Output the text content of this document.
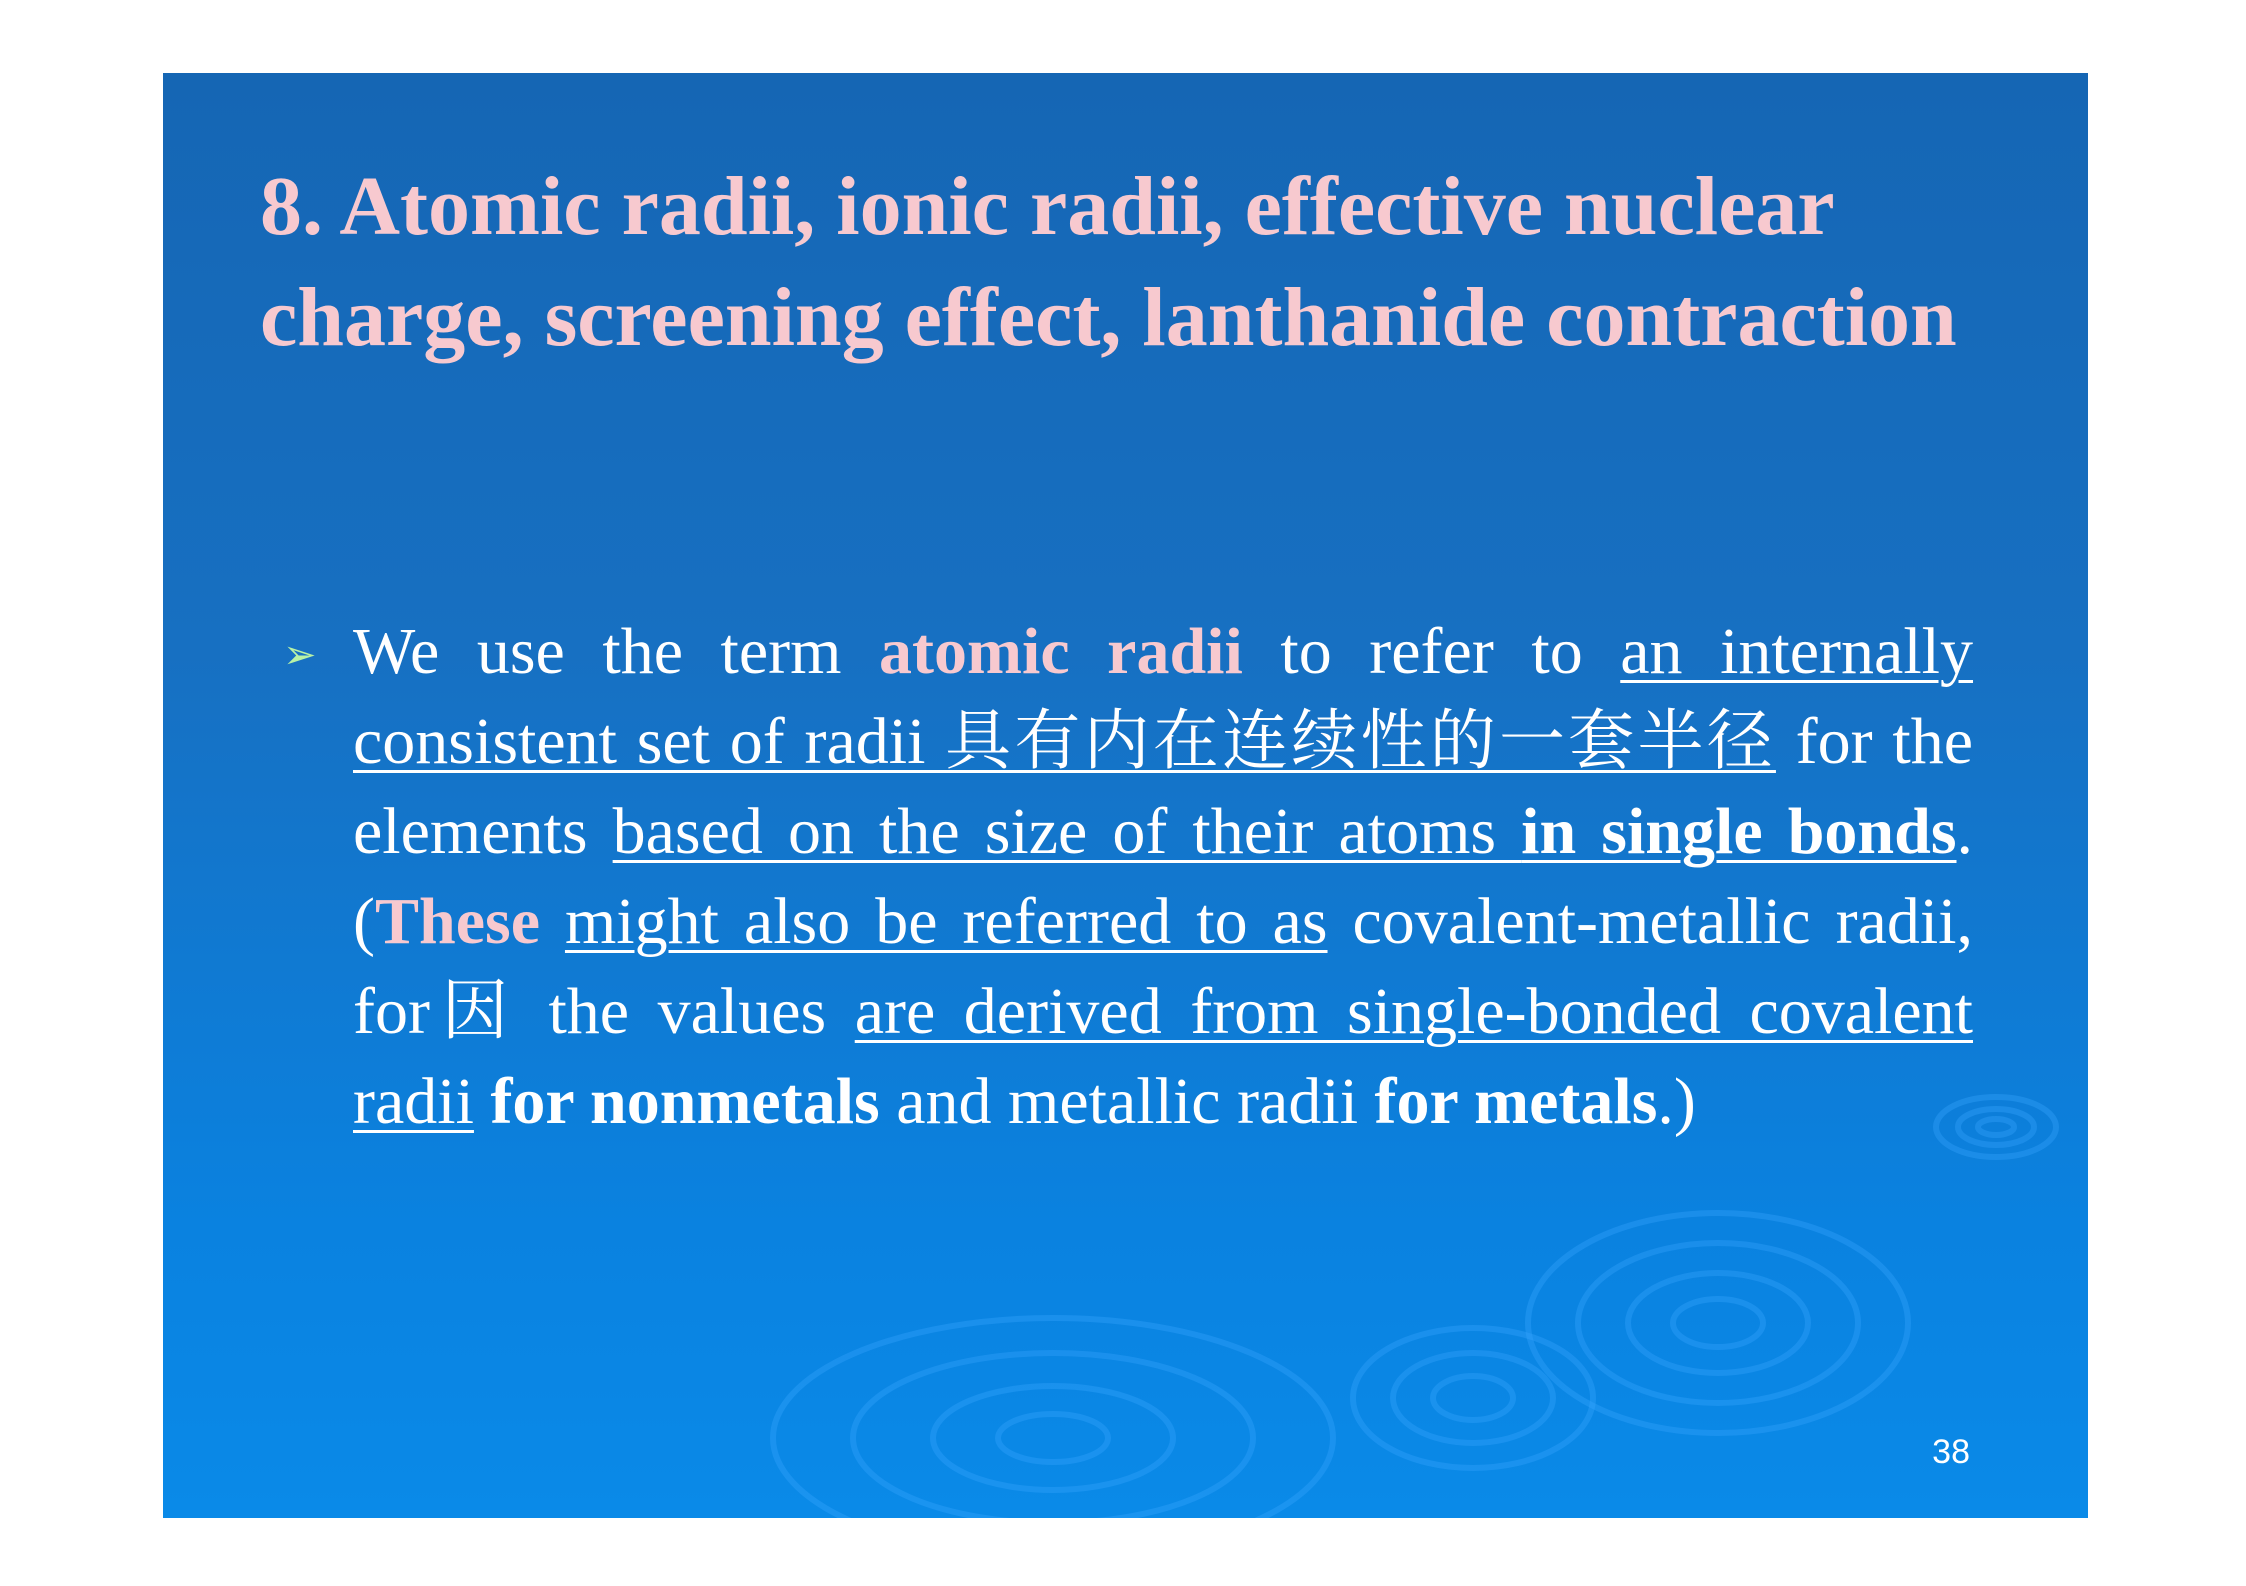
8. Atomic radii, ionic radii, effective nuclear charge, screening effect, lanthanide contraction
➢ We use the term atomic radii to refer to an internally consistent set of radii 具有内在连续性的一套半径 for the elements based on the size of their atoms in single bonds. (These might also be referred to as covalent-metallic radii, for因 the values are derived from single-bonded covalent radii for nonmetals and metallic radii for metals.)

38
